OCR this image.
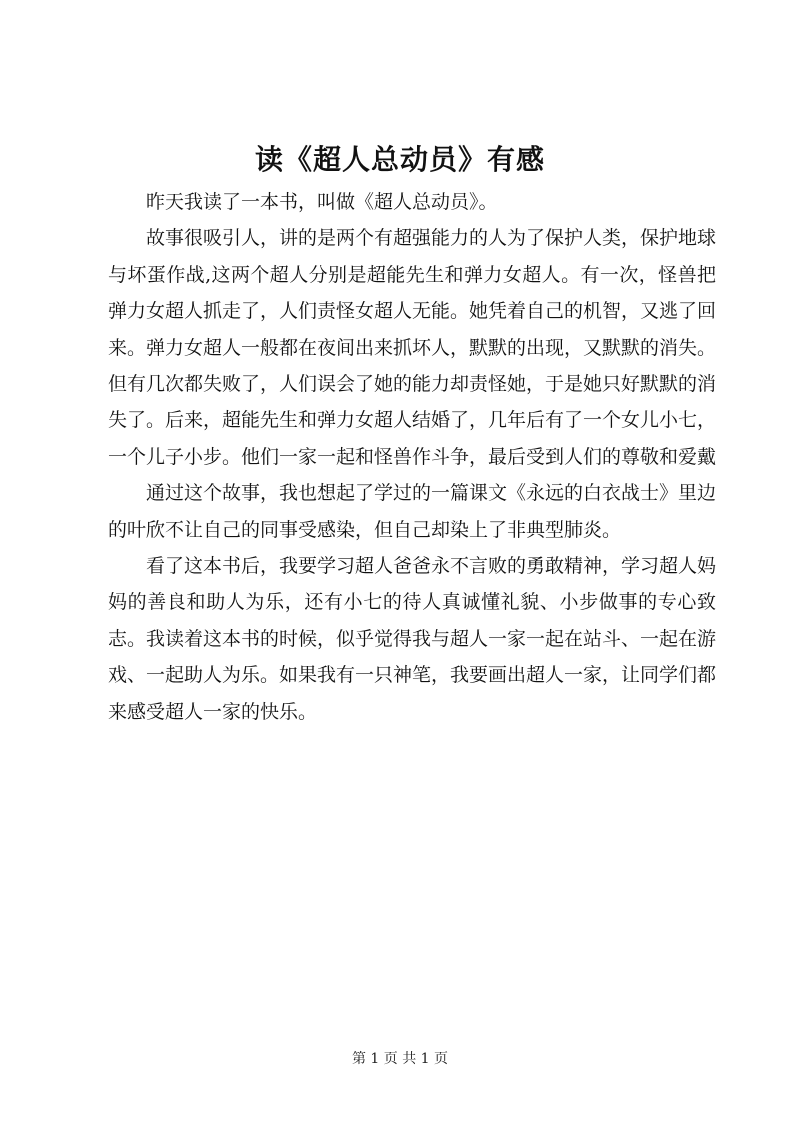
读《超人总动员》有感

昨天我读了一本书，叫做《超人总动员》。

故事很吸引人，讲的是两个有超强能力的人为了保护人类，保护地球与坏蛋作战,这两个超人分别是超能先生和弹力女超人。有一次，怪兽把弹力女超人抓走了，人们责怪女超人无能。她凭着自己的机智，又逃了回来。弹力女超人一般都在夜间出来抓坏人，默默的出现，又默默的消失。但有几次都失败了，人们误会了她的能力却责怪她，于是她只好默默的消失了。后来，超能先生和弹力女超人结婚了，几年后有了一个女儿小七，一个儿子小步。他们一家一起和怪兽作斗争，最后受到人们的尊敬和爱戴

通过这个故事，我也想起了学过的一篇课文《永远的白衣战士》里边的叶欣不让自己的同事受感染，但自己却染上了非典型肺炎。

看了这本书后，我要学习超人爸爸永不言败的勇敢精神，学习超人妈妈的善良和助人为乐，还有小七的待人真诚懂礼貌、小步做事的专心致志。我读着这本书的时候，似乎觉得我与超人一家一起在站斗、一起在游戏、一起助人为乐。如果我有一只神笔，我要画出超人一家，让同学们都来感受超人一家的快乐。

第 1 页 共 1 页
